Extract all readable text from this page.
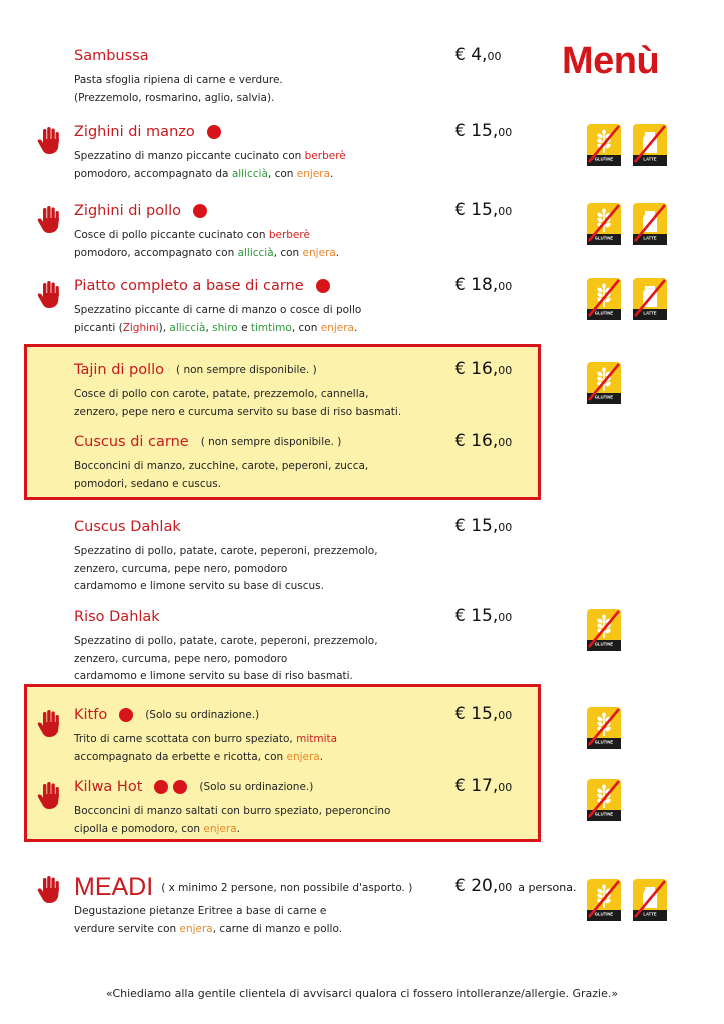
Menù
Sambussa
Pasta sfoglia ripiena di carne e verdure.
(Prezzemolo, rosmarino, aglio, salvia).
€ 4,00
Zighini di manzo
Spezzatino di manzo piccante cucinato con berberè
pomodoro, accompagnato da alliccià, con enjera.
€ 15,00
GLUTINE	LATTE
Zighini di pollo
Cosce di pollo piccante cucinato con berberè
pomodoro, accompagnato con alliccià, con enjera.
€ 15,00
GLUTINE	LATTE
Piatto completo a base di carne
Spezzatino piccante di carne di manzo o cosce di pollo
piccanti (Zighini), alliccià, shiro e timtimo, con enjera.
€ 18,00
GLUTINE	LATTE
Tajin di pollo ( non sempre disponibile. )
Cosce di pollo con carote, patate, prezzemolo, cannella,
zenzero, pepe nero e curcuma servito su base di riso basmati.
€ 16,00
GLUTINE
Cuscus di carne ( non sempre disponibile. )
Bocconcini di manzo, zucchine, carote, peperoni, zucca,
pomodori, sedano e cuscus.
€ 16,00
Cuscus Dahlak
Spezzatino di pollo, patate, carote, peperoni, prezzemolo,
zenzero, curcuma, pepe nero, pomodoro
cardamomo e limone servito su base di cuscus.
€ 15,00
Riso Dahlak
Spezzatino di pollo, patate, carote, peperoni, prezzemolo,
zenzero, curcuma, pepe nero, pomodoro
cardamomo e limone servito su base di riso basmati.
€ 15,00
GLUTINE
Kitfo	(Solo su ordinazione.)
Trito di carne scottata con burro speziato, mitmita
accompagnato da erbette e ricotta, con enjera.
€ 15,00
GLUTINE
Kilwa Hot	(Solo su ordinazione.)
Bocconcini di manzo saltati con burro speziato, peperoncino
cipolla e pomodoro, con enjera.
€ 17,00
GLUTINE
MEADI ( x minimo 2 persone, non possibile d'asporto. )
Degustazione pietanze Eritree a base di carne e
verdure servite con enjera, carne di manzo e pollo.
€ 20,00 a persona.
GLUTINE	LATTE
«Chiediamo alla gentile clientela di avvisarci qualora ci fossero intolleranze/allergie. Grazie.»
